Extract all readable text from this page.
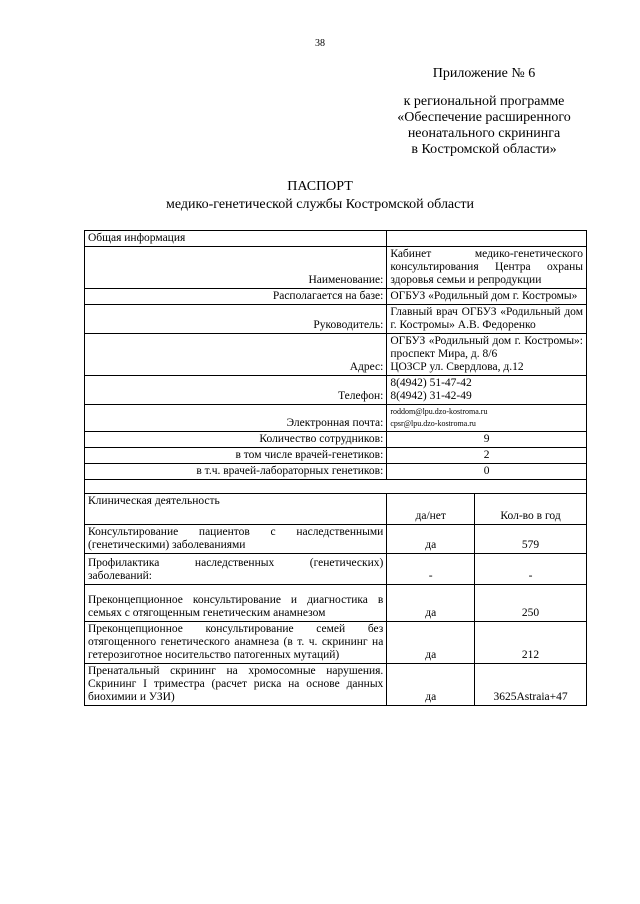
38
Приложение № 6
к региональной программе
«Обеспечение расширенного
неонатального скрининга
в Костромской области»
ПАСПОРТ
медико-генетической службы Костромской области
Общая информация		
Наименование:	Кабинет медико-генетического консультирования Центра охраны здоровья семьи и репродукции	
Располагается на базе:	ОГБУЗ «Родильный дом г. Костромы»	
Руководитель:	Главный врач ОГБУЗ «Родильный дом г. Костромы» А.В. Федоренко	
Адрес:	ОГБУЗ «Родильный дом г. Костромы»: проспект Мира, д. 8/6
ЦОЗСР ул. Свердлова, д.12	

Телефон:	8(4942) 51-47-42
8(4942) 31-42-49	

Электронная почта:	roddom@lpu.dzo-kostroma.ru
cpsr@lpu.dzo-kostroma.ru	

Количество сотрудников:	9	
в том числе врачей-генетиков:	2	
в т.ч. врачей-лабораторных генетиков:	0	

Клиническая деятельность	да/нет	Кол-во в год
Консультирование пациентов с наследственными (генетическими) заболеваниями	да	579
Профилактика наследственных (генетических) заболеваний:	-	-
Преконцепционное консультирование и диагностика в семьях с отягощенным генетическим анамнезом	да	250
Преконцепционное консультирование семей без отягощенного генетического анамнеза (в т. ч. скрининг на гетерозиготное носительство патогенных мутаций)	да	212
Пренатальный скрининг на хромосомные нарушения. Скрининг I триместра (расчет риска на основе данных биохимии и УЗИ)	да	3625Astraia+47
